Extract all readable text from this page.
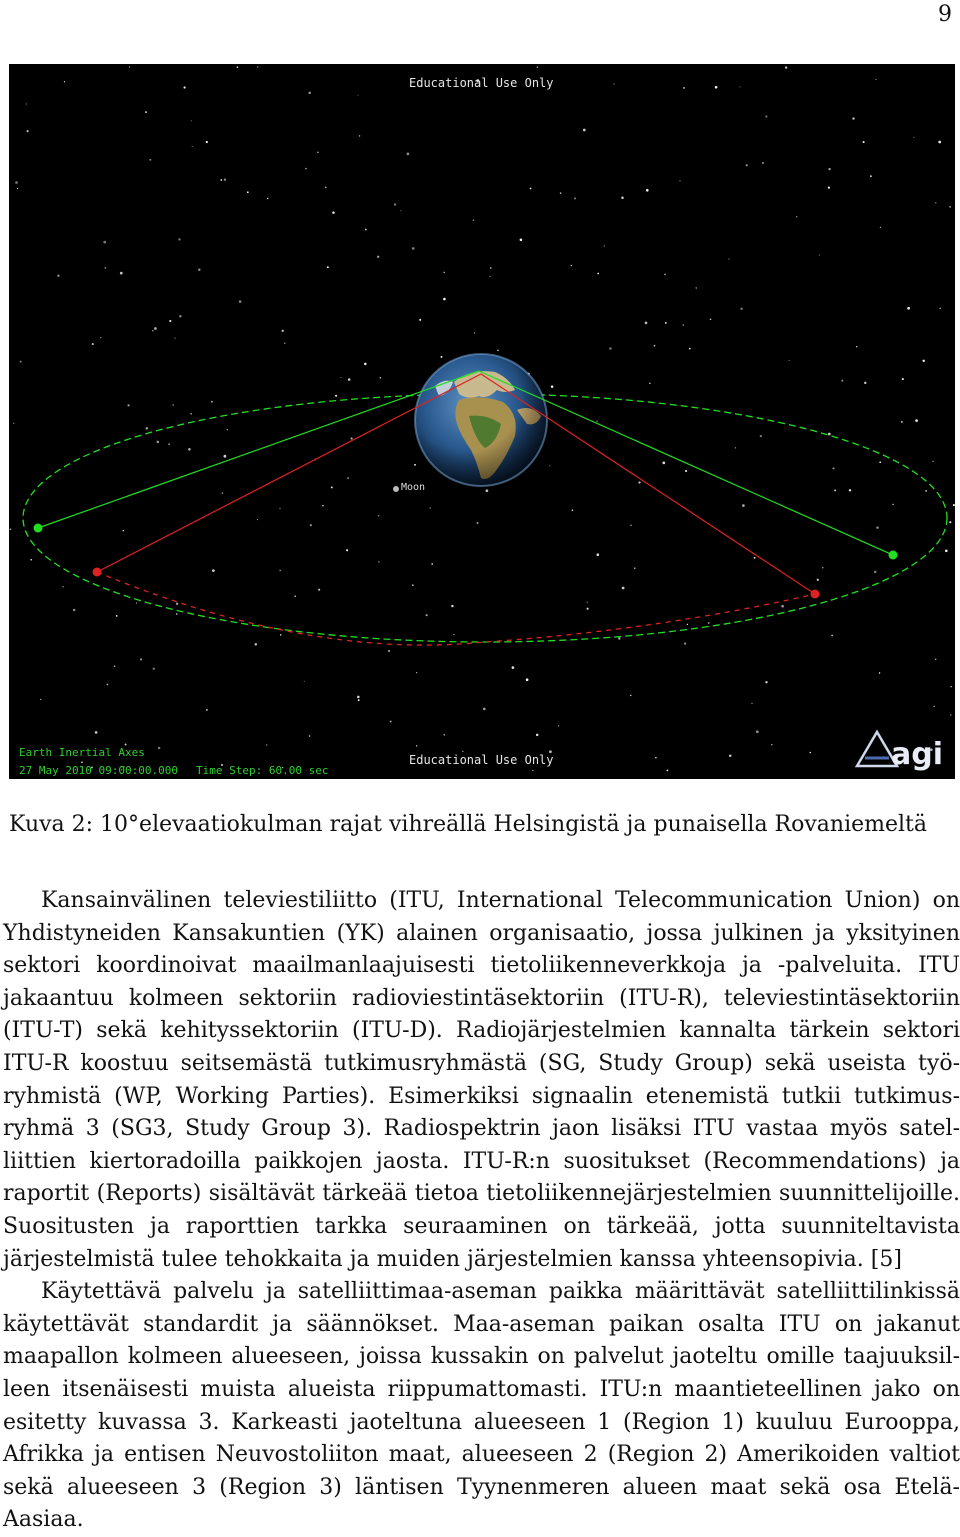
9
Moon
Educational Use Only
Educational Use Only
Earth Inertial Axes
27 May 2010 09:00:00.000 Time Step: 60.00 sec	agi
Kuva 2: 10°elevaatiokulman rajat vihreällä Helsingistä ja punaisella Rovaniemeltä

Kansainvälinen televiestiliitto (ITU, International Telecommunication Union) on Yhdistyneiden Kansakuntien (YK) alainen organisaatio, jossa julkinen ja yksityinen sektori koordinoivat maailmanlaajuisesti tietoliikenneverkkoja ja -palveluita. ITU jakaantuu kolmeen sektoriin radioviestintäsektoriin (ITU-R), televiestintäsektoriin (ITU-T) sekä kehityssektoriin (ITU-D). Radiojärjestelmien kannalta tärkein sektori ITU-R koostuu seitsemästä tutkimusryhmästä (SG, Study Group) sekä useista työryhmistä (WP, Working Parties). Esimerkiksi signaalin etenemistä tutkii tutkimusryhmä 3 (SG3, Study Group 3). Radiospektrin jaon lisäksi ITU vastaa myös satelliittien kiertoradoilla paikkojen jaosta. ITU-R:n suositukset (Recommendations) ja raportit (Reports) sisältävät tärkeää tietoa tietoliikennejärjestelmien suunnittelijoille. Suositusten ja raporttien tarkka seuraaminen on tärkeää, jotta suunniteltavista järjestelmistä tulee tehokkaita ja muiden järjestelmien kanssa yhteensopivia. [5]

Käytettävä palvelu ja satelliittimaa-aseman paikka määrittävät satelliittilinkissä käytettävät standardit ja säännökset. Maa-aseman paikan osalta ITU on jakanut maapallon kolmeen alueeseen, joissa kussakin on palvelut jaoteltu omille taajuuksilleen itsenäisesti muista alueista riippumattomasti. ITU:n maantieteellinen jako on esitetty kuvassa 3. Karkeasti jaoteltuna alueeseen 1 (Region 1) kuuluu Eurooppa, Afrikka ja entisen Neuvostoliiton maat, alueeseen 2 (Region 2) Amerikoiden valtiot sekä alueeseen 3 (Region 3) läntisen Tyynenmeren alueen maat sekä osa Etelä-Aasiaa.
